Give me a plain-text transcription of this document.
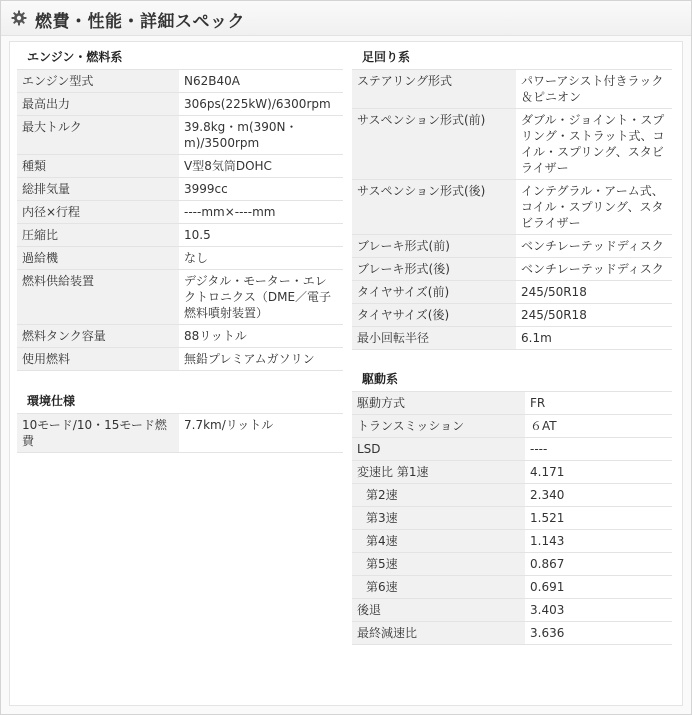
燃費・性能・詳細スペック
エンジン・燃料系
エンジン型式	N62B40A
最高出力	306ps(225kW)/6300rpm
最大トルク	39.8kg・m(390N・m)/3500rpm
種類	V型8気筒DOHC
総排気量	3999cc
内径×行程	----mm×----mm
圧縮比	10.5
過給機	なし
燃料供給装置	デジタル・モーター・エレクトロニクス（DME／電子燃料噴射装置）
燃料タンク容量	88リットル
使用燃料	無鉛プレミアムガソリン
環境仕様
10モード/10・15モード燃費	7.7km/リットル
足回り系
ステアリング形式	パワーアシスト付きラック＆ピニオン
サスペンション形式(前)	ダブル・ジョイント・スプリング・ストラット式、コイル・スプリング、スタビライザー
サスペンション形式(後)	インテグラル・アーム式、コイル・スプリング、スタビライザー
ブレーキ形式(前)	ベンチレーテッドディスク
ブレーキ形式(後)	ベンチレーテッドディスク
タイヤサイズ(前)	245/50R18
タイヤサイズ(後)	245/50R18
最小回転半径	6.1m
駆動系
駆動方式	FR
トランスミッション	６AT
LSD	----
変速比 第1速	4.171
第2速	2.340
第3速	1.521
第4速	1.143
第5速	0.867
第6速	0.691
後退	3.403
最終減速比	3.636
